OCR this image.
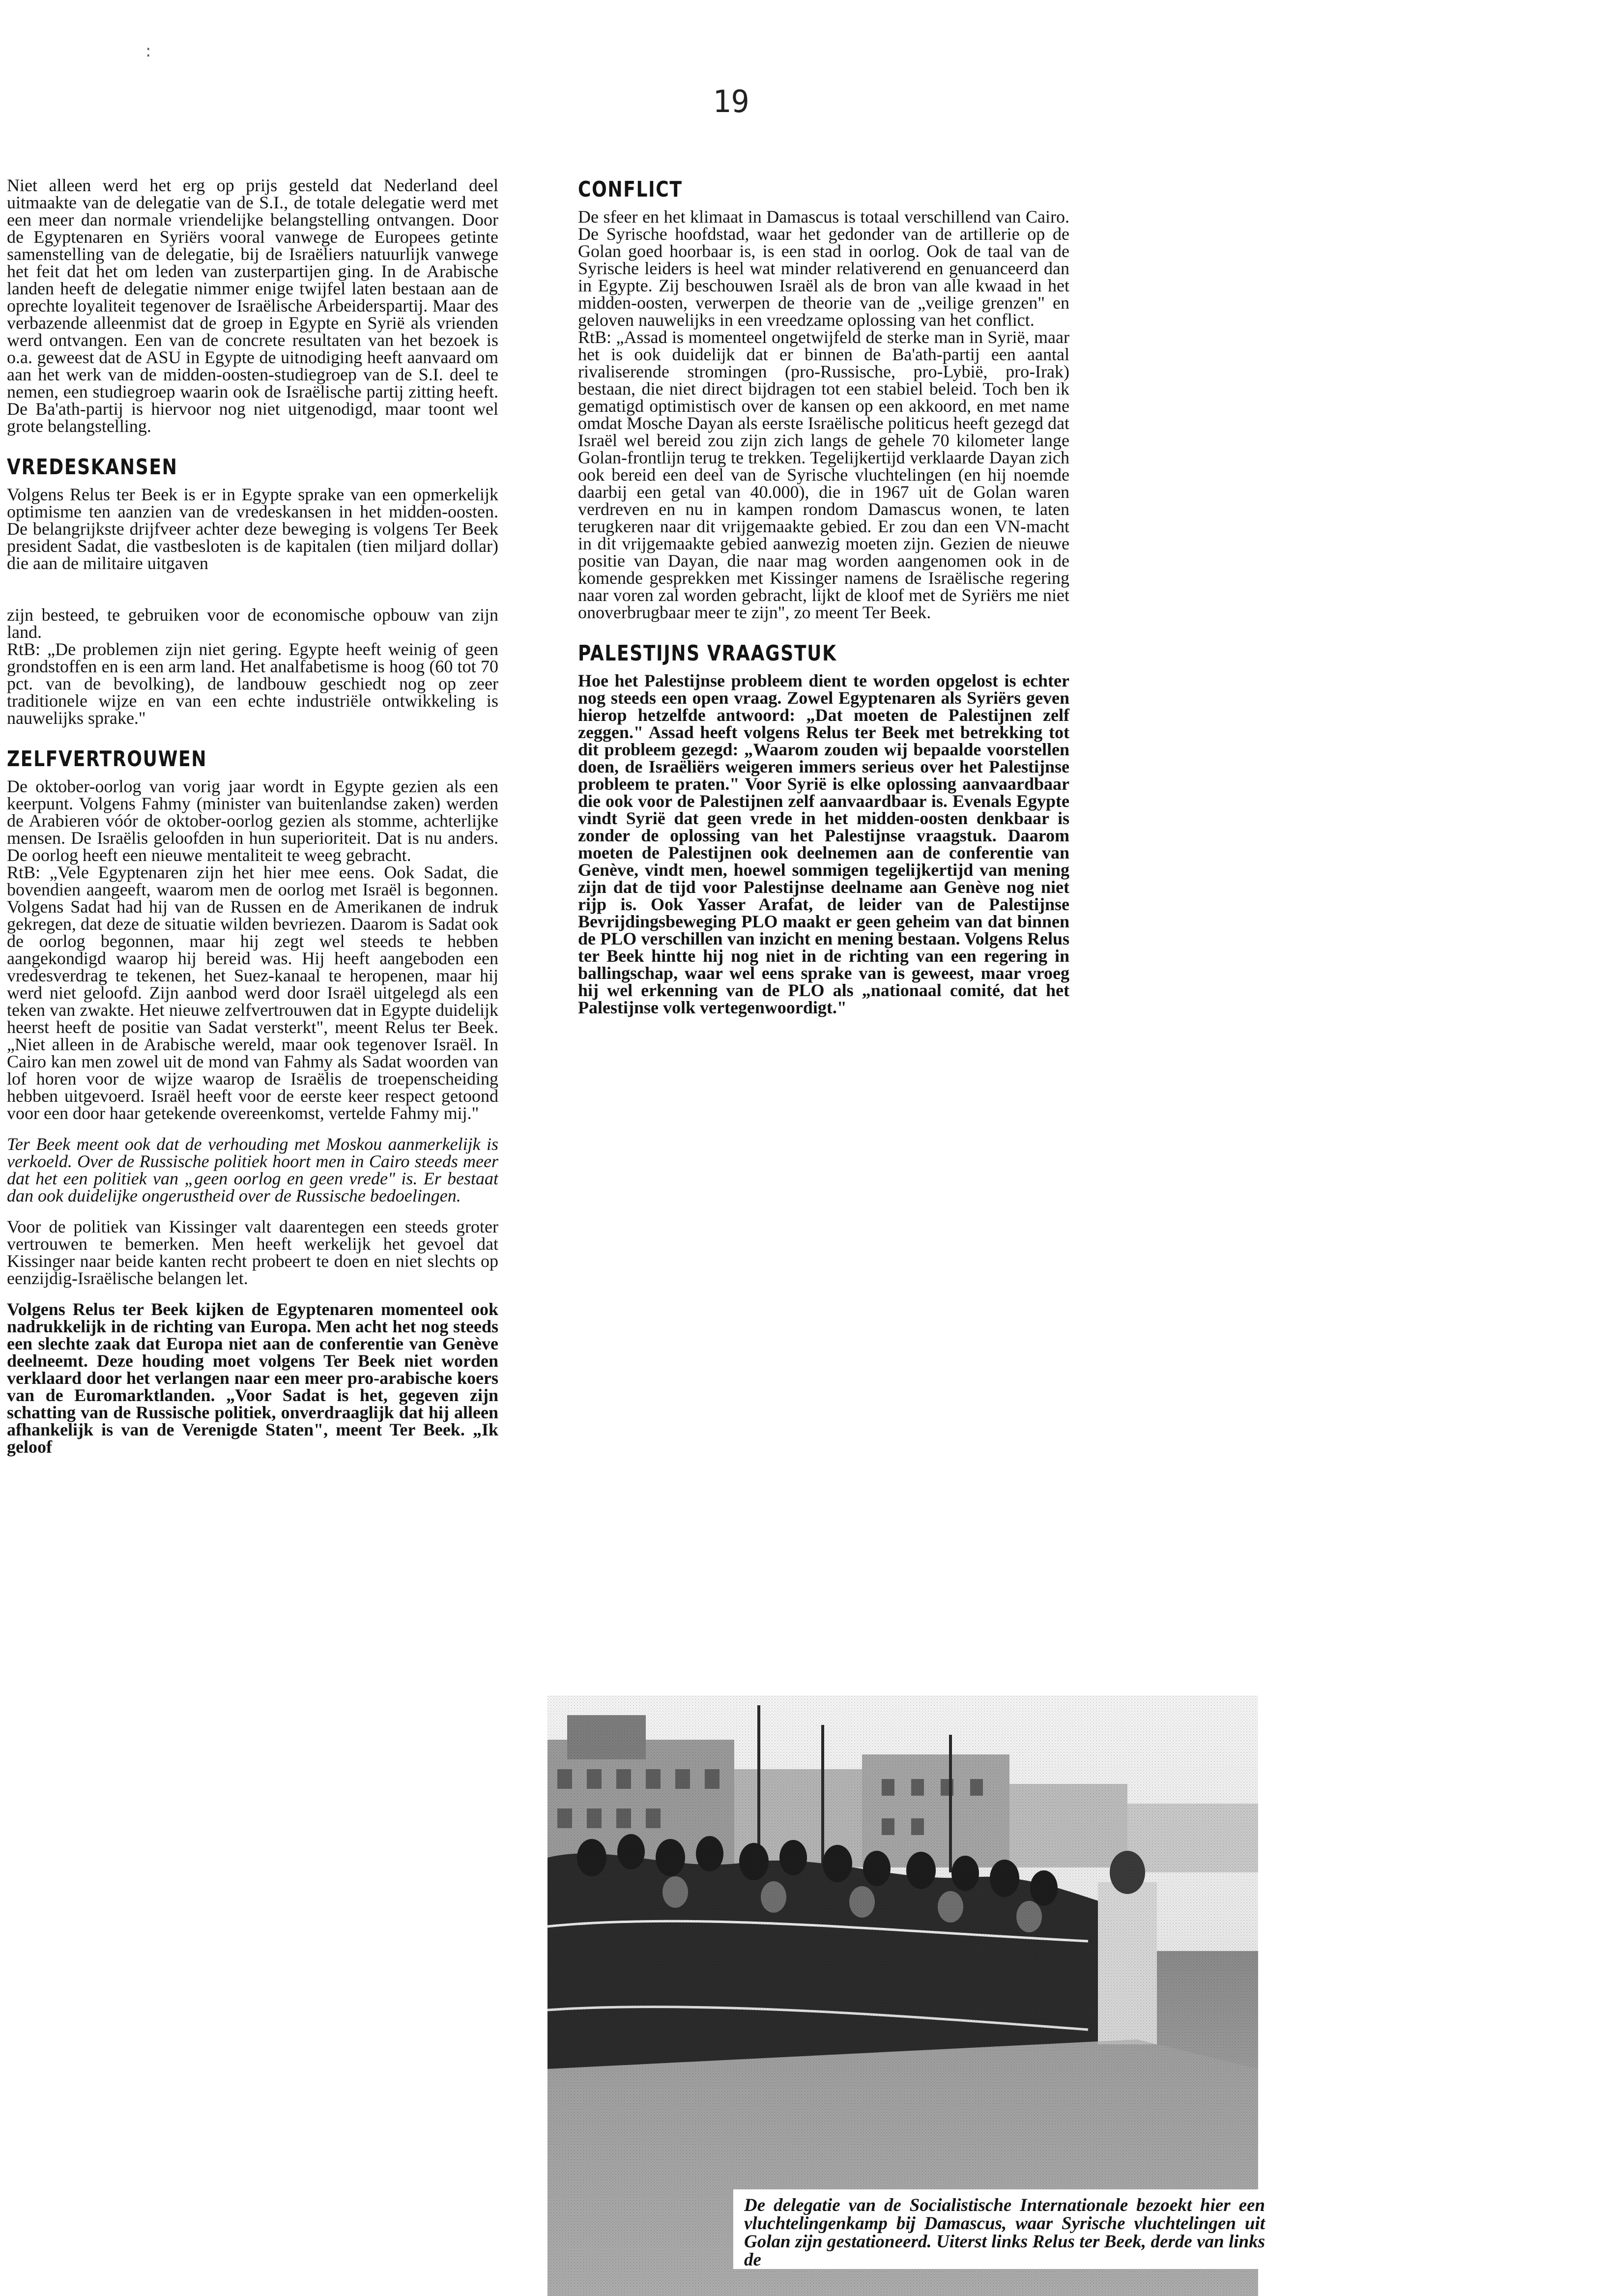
:
19

Niet alleen werd het erg op prijs gesteld dat Nederland deel uitmaakte van de delegatie van de S.I., de totale delegatie werd met een meer dan normale vriendelijke belangstelling ontvangen. Door de Egyptenaren en Syriërs vooral vanwege de Europees getinte samenstelling van de delegatie, bij de Israëliers natuurlijk vanwege het feit dat het om leden van zusterpartijen ging. In de Arabische landen heeft de delegatie nimmer enige twijfel laten bestaan aan de oprechte loyaliteit tegenover de Israëlische Arbeiderspartij. Maar des verbazende alleenmist dat de groep in Egypte en Syrië als vrienden werd ontvangen. Een van de concrete resultaten van het bezoek is o.a. geweest dat de ASU in Egypte de uitnodiging heeft aanvaard om aan het werk van de midden-oosten-studiegroep van de S.I. deel te nemen, een studiegroep waarin ook de Israëlische partij zitting heeft. De Ba'ath-partij is hiervoor nog niet uitgenodigd, maar toont wel grote belangstelling.

VREDESKANSEN

Volgens Relus ter Beek is er in Egypte sprake van een opmerkelijk optimisme ten aanzien van de vredeskansen in het midden-oosten. De belangrijkste drijfveer achter deze beweging is volgens Ter Beek president Sadat, die vastbesloten is de kapitalen (tien miljard dollar) die aan de militaire uitgaven

zijn besteed, te gebruiken voor de economische opbouw van zijn land.

RtB: „De problemen zijn niet gering. Egypte heeft weinig of geen grondstoffen en is een arm land. Het analfabetisme is hoog (60 tot 70 pct. van de bevolking), de landbouw geschiedt nog op zeer traditionele wijze en van een echte industriële ontwikkeling is nauwelijks sprake."

ZELFVERTROUWEN

De oktober-oorlog van vorig jaar wordt in Egypte gezien als een keerpunt. Volgens Fahmy (minister van buitenlandse zaken) werden de Arabieren vóór de oktober-oorlog gezien als stomme, achterlijke mensen. De Israëlis geloofden in hun superioriteit. Dat is nu anders. De oorlog heeft een nieuwe mentaliteit te weeg gebracht.

RtB: „Vele Egyptenaren zijn het hier mee eens. Ook Sadat, die bovendien aangeeft, waarom men de oorlog met Israël is begonnen. Volgens Sadat had hij van de Russen en de Amerikanen de indruk gekregen, dat deze de situatie wilden bevriezen. Daarom is Sadat ook de oorlog begonnen, maar hij zegt wel steeds te hebben aangekondigd waarop hij bereid was. Hij heeft aangeboden een vredesverdrag te tekenen, het Suez-kanaal te heropenen, maar hij werd niet geloofd. Zijn aanbod werd door Israël uitgelegd als een teken van zwakte. Het nieuwe zelfvertrouwen dat in Egypte duidelijk heerst heeft de positie van Sadat versterkt", meent Relus ter Beek. „Niet alleen in de Arabische wereld, maar ook tegenover Israël. In Cairo kan men zowel uit de mond van Fahmy als Sadat woorden van lof horen voor de wijze waarop de Israëlis de troepenscheiding hebben uitgevoerd. Israël heeft voor de eerste keer respect getoond voor een door haar getekende overeenkomst, vertelde Fahmy mij."

Ter Beek meent ook dat de verhouding met Moskou aanmerkelijk is verkoeld. Over de Russische politiek hoort men in Cairo steeds meer dat het een politiek van „geen oorlog en geen vrede" is. Er bestaat dan ook duidelijke ongerustheid over de Russische bedoelingen.

Voor de politiek van Kissinger valt daarentegen een steeds groter vertrouwen te bemerken. Men heeft werkelijk het gevoel dat Kissinger naar beide kanten recht probeert te doen en niet slechts op eenzijdig-Israëlische belangen let.

Volgens Relus ter Beek kijken de Egyptenaren momenteel ook nadrukkelijk in de richting van Europa. Men acht het nog steeds een slechte zaak dat Europa niet aan de conferentie van Genève deelneemt. Deze houding moet volgens Ter Beek niet worden verklaard door het verlangen naar een meer pro-arabische koers van de Euromarktlanden. „Voor Sadat is het, gegeven zijn schatting van de Russische politiek, onverdraaglijk dat hij alleen afhankelijk is van de Verenigde Staten", meent Ter Beek. „Ik geloof

CONFLICT

De sfeer en het klimaat in Damascus is totaal verschillend van Cairo. De Syrische hoofdstad, waar het gedonder van de artillerie op de Golan goed hoorbaar is, is een stad in oorlog. Ook de taal van de Syrische leiders is heel wat minder relativerend en genuanceerd dan in Egypte. Zij beschouwen Israël als de bron van alle kwaad in het midden-oosten, verwerpen de theorie van de „veilige grenzen" en geloven nauwelijks in een vreedzame oplossing van het conflict.

RtB: „Assad is momenteel ongetwijfeld de sterke man in Syrië, maar het is ook duidelijk dat er binnen de Ba'ath-partij een aantal rivaliserende stromingen (pro-Russische, pro-Lybië, pro-Irak) bestaan, die niet direct bijdragen tot een stabiel beleid. Toch ben ik gematigd optimistisch over de kansen op een akkoord, en met name omdat Mosche Dayan als eerste Israëlische politicus heeft gezegd dat Israël wel bereid zou zijn zich langs de gehele 70 kilometer lange Golan-frontlijn terug te trekken. Tegelijkertijd verklaarde Dayan zich ook bereid een deel van de Syrische vluchtelingen (en hij noemde daarbij een getal van 40.000), die in 1967 uit de Golan waren verdreven en nu in kampen rondom Damascus wonen, te laten terugkeren naar dit vrijgemaakte gebied. Er zou dan een VN-macht in dit vrijgemaakte gebied aanwezig moeten zijn. Gezien de nieuwe positie van Dayan, die naar mag worden aangenomen ook in de komende gesprekken met Kissinger namens de Israëlische regering naar voren zal worden gebracht, lijkt de kloof met de Syriërs me niet onoverbrugbaar meer te zijn", zo meent Ter Beek.

PALESTIJNS VRAAGSTUK

Hoe het Palestijnse probleem dient te worden opgelost is echter nog steeds een open vraag. Zowel Egyptenaren als Syriërs geven hierop hetzelfde antwoord: „Dat moeten de Palestijnen zelf zeggen." Assad heeft volgens Relus ter Beek met betrekking tot dit probleem gezegd: „Waarom zouden wij bepaalde voorstellen doen, de Israëliërs weigeren immers serieus over het Palestijnse probleem te praten." Voor Syrië is elke oplossing aanvaardbaar die ook voor de Palestijnen zelf aanvaardbaar is. Evenals Egypte vindt Syrië dat geen vrede in het midden-oosten denkbaar is zonder de oplossing van het Palestijnse vraagstuk. Daarom moeten de Palestijnen ook deelnemen aan de conferentie van Genève, vindt men, hoewel sommigen tegelijkertijd van mening zijn dat de tijd voor Palestijnse deelname aan Genève nog niet rijp is. Ook Yasser Arafat, de leider van de Palestijnse Bevrijdingsbeweging PLO maakt er geen geheim van dat binnen de PLO verschillen van inzicht en mening bestaan. Volgens Relus ter Beek hintte hij nog niet in de richting van een regering in ballingschap, waar wel eens sprake van is geweest, maar vroeg hij wel erkenning van de PLO als „nationaal comité, dat het Palestijnse volk vertegenwoordigt."

De delegatie van de Socialistische Internationale bezoekt hier een vluchtelingenkamp bij Damascus, waar Syrische vluchtelingen uit Golan zijn gestationeerd. Uiterst links Relus ter Beek, derde van links de
